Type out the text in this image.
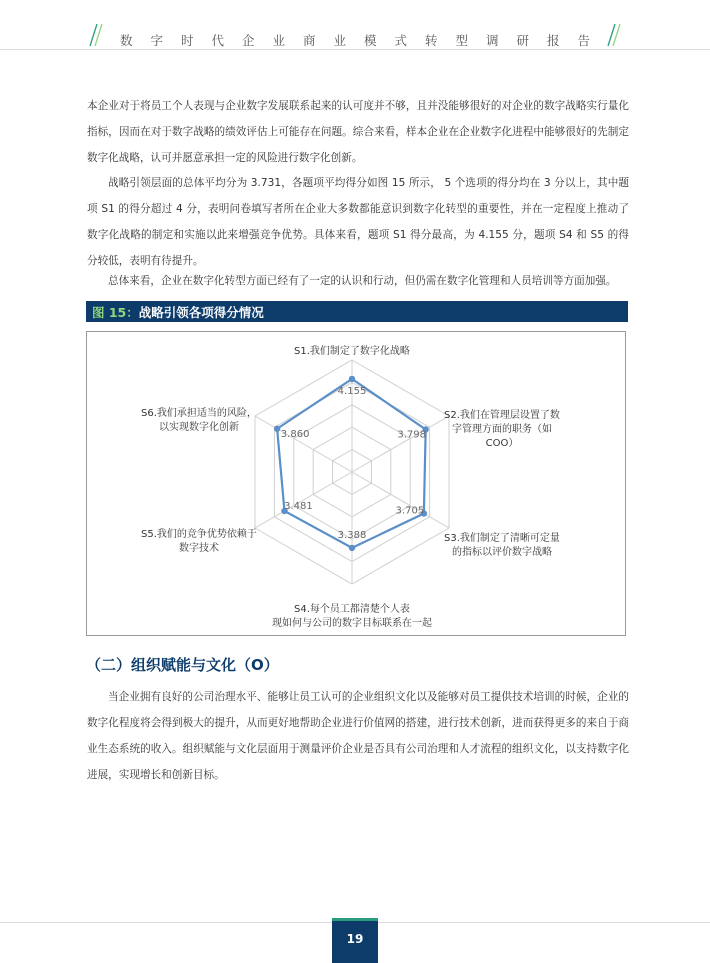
数字时代企业商业模式转型调研报告
本企业对于将员工个人表现与企业数字发展联系起来的认可度并不够，且并没能够很好的对企业的数字战略实行量化指标，因而在对于数字战略的绩效评估上可能存在问题。综合来看，样本企业在企业数字化进程中能够很好的先制定数字化战略，认可并愿意承担一定的风险进行数字化创新。
战略引领层面的总体平均分为 3.731，各题项平均得分如图 15 所示， 5 个选项的得分均在 3 分以上，其中题项 S1 的得分超过 4 分，表明问卷填写者所在企业大多数都能意识到数字化转型的重要性，并在一定程度上推动了数字化战略的制定和实施以此来增强竞争优势。具体来看，题项 S1 得分最高，为 4.155 分，题项 S4 和 S5 的得分较低，表明有待提升。
总体来看，企业在数字化转型方面已经有了一定的认识和行动，但仍需在数字化管理和人员培训等方面加强。
图 15：战略引领各项得分情况
4.155
3.798
3.705
3.388
3.481
3.860
S1.我们制定了数字化战略
S2.我们在管理层设置了数
字管理方面的职务（如
COO）
S3.我们制定了清晰可定量
的指标以评价数字战略
S4.每个员工都清楚个人表
现如何与公司的数字目标联系在一起
S5.我们的竞争优势依赖于
数字技术
S6.我们承担适当的风险，
以实现数字化创新
（二）组织赋能与文化（O）
当企业拥有良好的公司治理水平、能够让员工认可的企业组织文化以及能够对员工提供技术培训的时候，企业的数字化程度将会得到极大的提升，从而更好地帮助企业进行价值网的搭建，进行技术创新，进而获得更多的来自于商业生态系统的收入。组织赋能与文化层面用于测量评价企业是否具有公司治理和人才流程的组织文化，以支持数字化进展，实现增长和创新目标。
19
